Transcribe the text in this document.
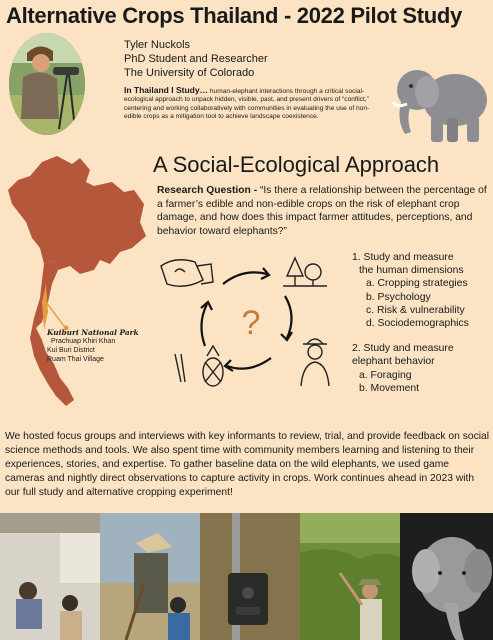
Alternative Crops Thailand - 2022 Pilot Study
Tyler Nuckols
PhD Student and Researcher
The University of Colorado
In Thailand I Study… human-elephant interactions through a critical social-ecological approach to unpack hidden, visible, past, and present drivers of “conflict,” centering and working collaboratively with communities in evaluating the use of non-edible crops as a mitigation tool to achieve landscape coexistence.
Kuiburi National Park
Prachuap Khiri Khan
Kui Buri District
Ruam Thai Village
A Social-Ecological Approach
Research Question - “Is there a relationship between the percentage of a farmer’s edible and non-edible crops on the risk of elephant crop damage, and how does this impact farmer attitudes, perceptions, and behavior toward elephants?”
?
1. Study and measure
the human dimensions
a. Cropping strategies
b. Psychology
c. Risk & vulnerability
d. Sociodemographics
2. Study and measure
elephant behavior
a. Foraging
b. Movement
We hosted focus groups and interviews with key informants to review, trial, and provide feedback on social science methods and tools. We also spent time with community members learning and listening to their experiences, stories, and expertise. To gather baseline data on the wild elephants, we used game cameras and nightly direct observations to capture activity in crops. Work continues ahead in 2023 with our full study and alternative cropping experiment!
